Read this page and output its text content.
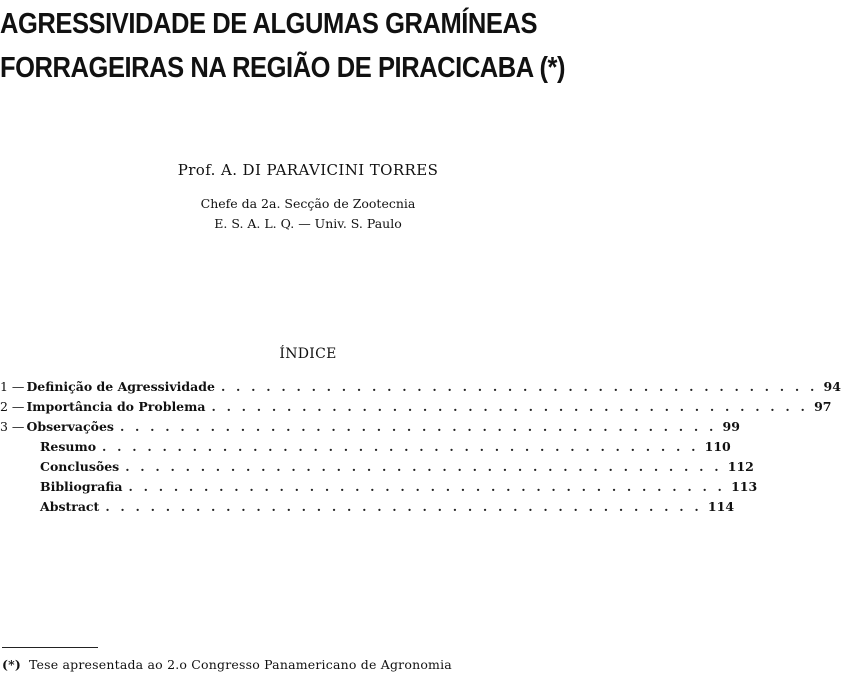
AGRESSIVIDADE DE ALGUMAS GRAMÍNEAS
FORRAGEIRAS NA REGIÃO DE PIRACICABA (*)
Prof. A. DI PARAVICINI TORRES
Chefe da 2a. Secção de Zootecnia
E. S. A. L. Q. — Univ. S. Paulo
ÍNDICE
1 — Definição de Agressividade . . . . . . . . . . . . . . . . . . . . . . . . . . . . . . . . . . . . . . . . 94
2 — Importância do Problema . . . . . . . . . . . . . . . . . . . . . . . . . . . . . . . . . . . . . . . . 97
3 — Observações . . . . . . . . . . . . . . . . . . . . . . . . . . . . . . . . . . . . . . . . 99
Resumo . . . . . . . . . . . . . . . . . . . . . . . . . . . . . . . . . . . . . . . . 110
Conclusões . . . . . . . . . . . . . . . . . . . . . . . . . . . . . . . . . . . . . . . . 112
Bibliografia . . . . . . . . . . . . . . . . . . . . . . . . . . . . . . . . . . . . . . . . 113
Abstract . . . . . . . . . . . . . . . . . . . . . . . . . . . . . . . . . . . . . . . . 114
(*) Tese apresentada ao 2.o Congresso Panamericano de Agronomia
